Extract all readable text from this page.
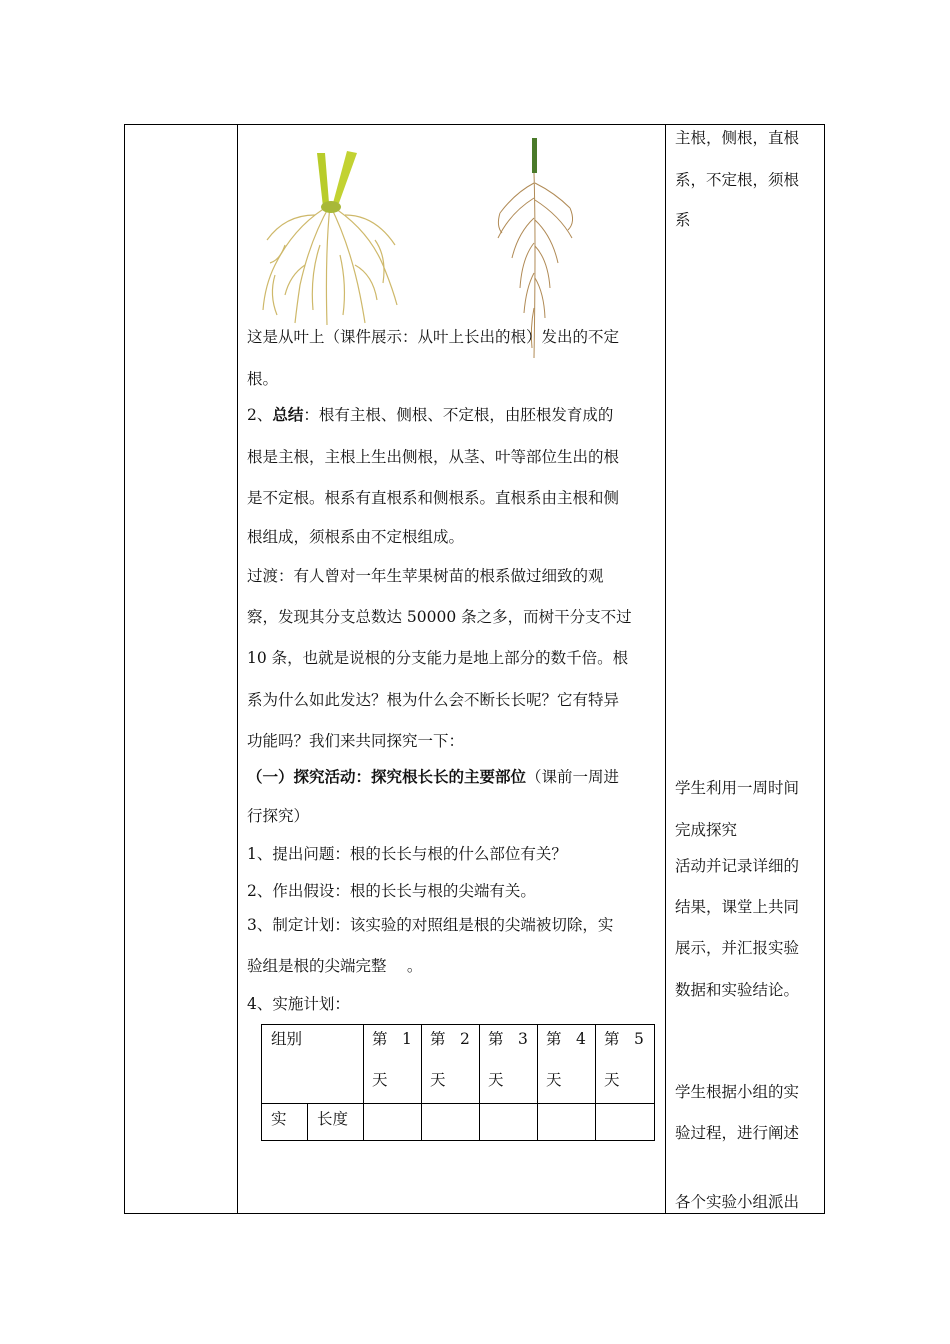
这是从叶上（课件展示：从叶上长出的根）发出的不定
根。
2、总结：根有主根、侧根、不定根，由胚根发育成的
根是主根，主根上生出侧根，从茎、叶等部位生出的根
是不定根。根系有直根系和侧根系。直根系由主根和侧
根组成，须根系由不定根组成。
过渡：有人曾对一年生苹果树苗的根系做过细致的观
察，发现其分支总数达 50000 条之多，而树干分支不过
10 条，也就是说根的分支能力是地上部分的数千倍。根
系为什么如此发达？根为什么会不断长长呢？它有特异
功能吗？我们来共同探究一下：
（一）探究活动：探究根长长的主要部位（课前一周进
行探究）
1、提出问题：根的长长与根的什么部位有关？
2、作出假设：根的长长与根的尖端有关。
3、制定计划：该实验的对照组是根的尖端被切除，实
验组是根的尖端完整 　。
4、实施计划：
组别	第 1
天
第 2
天
第 3
天
第 4
天
第 5
天
实 长度
主根，侧根，直根
系，不定根，须根
系
学生利用一周时间
完成探究
活动并记录详细的
结果，课堂上共同
展示，并汇报实验
数据和实验结论。
学生根据小组的实
验过程，进行阐述
各个实验小组派出
